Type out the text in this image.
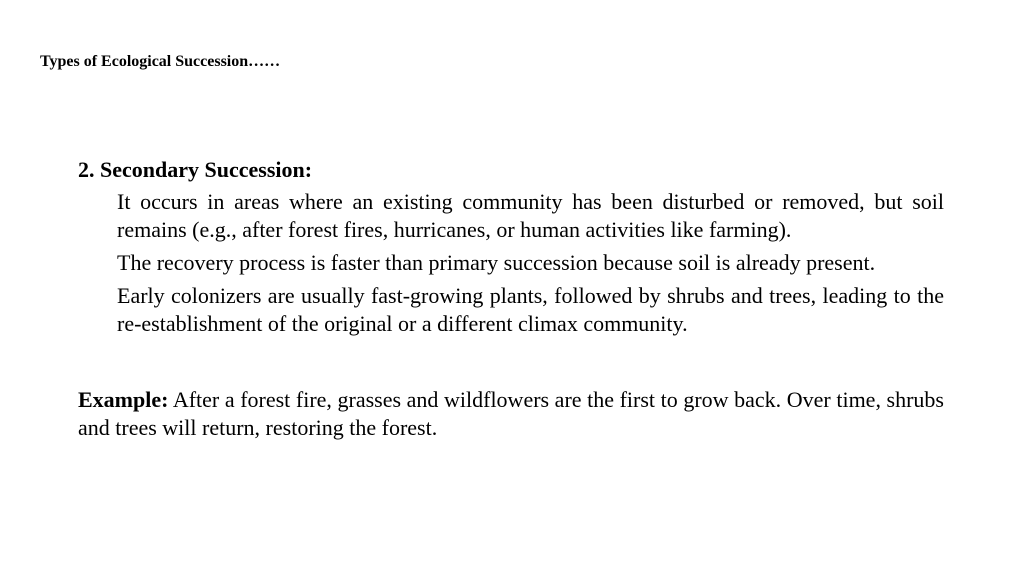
Types of Ecological Succession……
2. Secondary Succession:
It occurs in areas where an existing community has been disturbed or removed, but soil remains (e.g., after forest fires, hurricanes, or human activities like farming).
The recovery process is faster than primary succession because soil is already present.
Early colonizers are usually fast-growing plants, followed by shrubs and trees, leading to the re-establishment of the original or a different climax community.

Example: After a forest fire, grasses and wildflowers are the first to grow back. Over time, shrubs and trees will return, restoring the forest.
